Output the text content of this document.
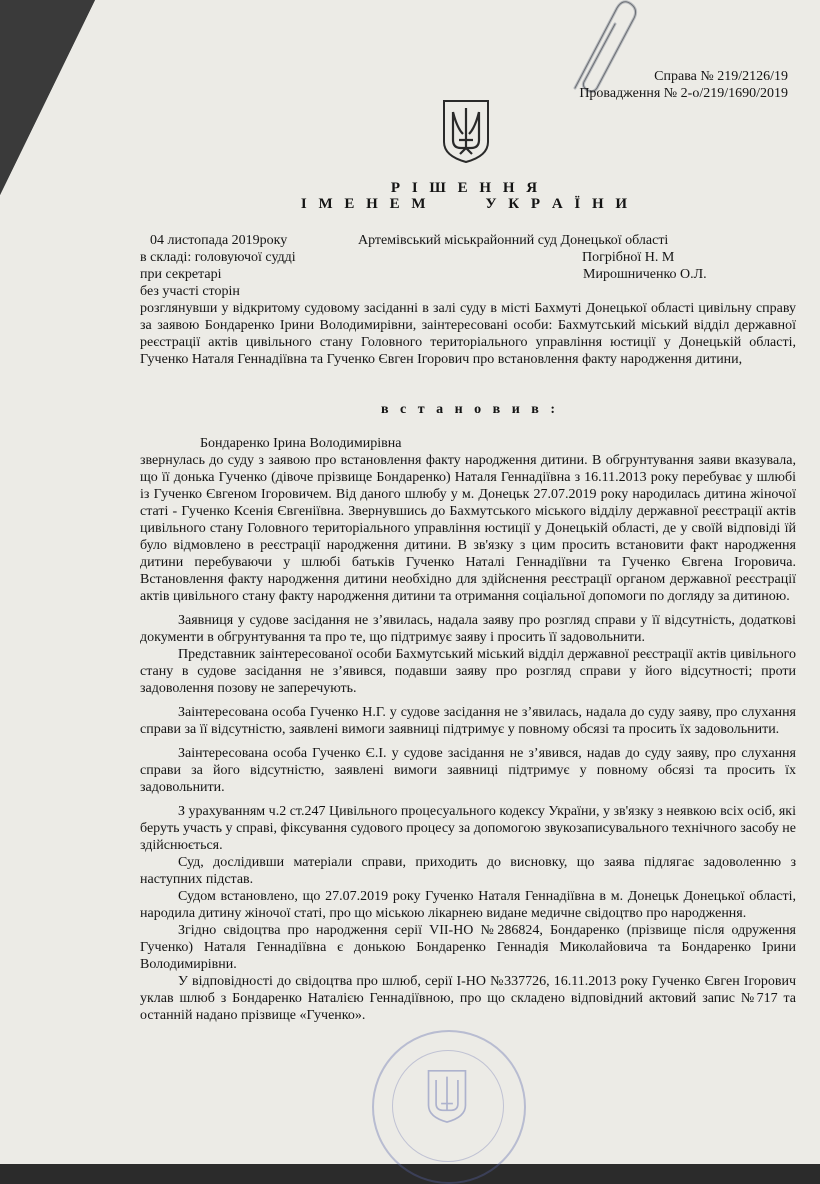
Справа № 219/2126/19
Провадження № 2-о/219/1690/2019
Р І Ш Е Н Н Я
І М Е Н Е М	У К Р А Ї Н И
04 листопада 2019року	Артемівський міськрайонний суд Донецької області
в складі: головуючої судді	Погрібної Н. М
при секретарі	Мирошниченко О.Л.
без участі сторін

розглянувши у відкритому судовому засіданні в залі суду в місті Бахмуті Донецької області цивільну справу за заявою Бондаренко Ірини Володимирівни, заінтересовані особи: Бахмутський міський відділ державної реєстрації актів цивільного стану Головного територіального управління юстиції у Донецькій області, Гученко Наталя Геннадіївна та Гученко Євген Ігорович про встановлення факту народження дитини,

в с т а н о в и в :
Бондаренко Ірина Володимирівна

звернулась до суду з заявою про встановлення факту народження дитини. В обгрунтування заяви вказувала, що її донька Гученко (дівоче прізвище Бондаренко) Наталя Геннадіївна з 16.11.2013 року перебуває у шлюбі із Гученко Євгеном Ігоровичем. Від даного шлюбу у м. Донецьк 27.07.2019 року народилась дитина жіночої статі - Гученко Ксенія Євгеніївна. Звернувшись до Бахмутського міського відділу державної реєстрації актів цивільного стану Головного територіального управління юстиції у Донецькій області, де у своїй відповіді їй було відмовлено в реєстрації народження дитини. В зв'язку з цим просить встановити факт народження дитини перебуваючи у шлюбі батьків Гученко Наталі Геннадіївни та Гученко Євгена Ігоровича. Встановлення факту народження дитини необхідно для здійснення реєстрації органом державної реєстрації актів цивільного стану факту народження дитини та отримання соціальної допомоги по догляду за дитиною.

Заявниця у судове засідання не з’явилась, надала заяву про розгляд справи у її відсутність, додаткові документи в обгрунтування та про те, що підтримує заяву і просить її задовольнити.

Представник заінтересованої особи Бахмутський міський відділ державної реєстрації актів цивільного стану в судове засідання не з’явився, подавши заяву про розгляд справи у його відсутності; проти задоволення позову не заперечують.

Заінтересована особа Гученко Н.Г. у судове засідання не з’явилась, надала до суду заяву, про слухання справи за її відсутністю, заявлені вимоги заявниці підтримує у повному обсязі та просить їх задовольнити.

Заінтересована особа Гученко Є.І. у судове засідання не з’явився, надав до суду заяву, про слухання справи за його відсутністю, заявлені вимоги заявниці підтримує у повному обсязі та просить їх задовольнити.

З урахуванням ч.2 ст.247 Цивільного процесуального кодексу України, у зв'язку з неявкою всіх осіб, які беруть участь у справі, фіксування судового процесу за допомогою звукозаписувального технічного засобу не здійснюється.

Суд, дослідивши матеріали справи, приходить до висновку, що заява підлягає задоволенню з наступних підстав.

Судом встановлено, що 27.07.2019 року Гученко Наталя Геннадіївна в м. Донецьк Донецької області, народила дитину жіночої статі, про що міською лікарнею видане медичне свідоцтво про народження.

Згідно свідоцтва про народження серії VІІ-НО №286824, Бондаренко (прізвище після одруження Гученко) Наталя Геннадіївна є донькою Бондаренко Геннадія Миколайовича та Бондаренко Ірини Володимирівни.

У відповідності до свідоцтва про шлюб, серії І-НО №337726, 16.11.2013 року Гученко Євген Ігорович уклав шлюб з Бондаренко Наталією Геннадіївною, про що складено відповідний актовий запис №717 та останній надано прізвище «Гученко».
